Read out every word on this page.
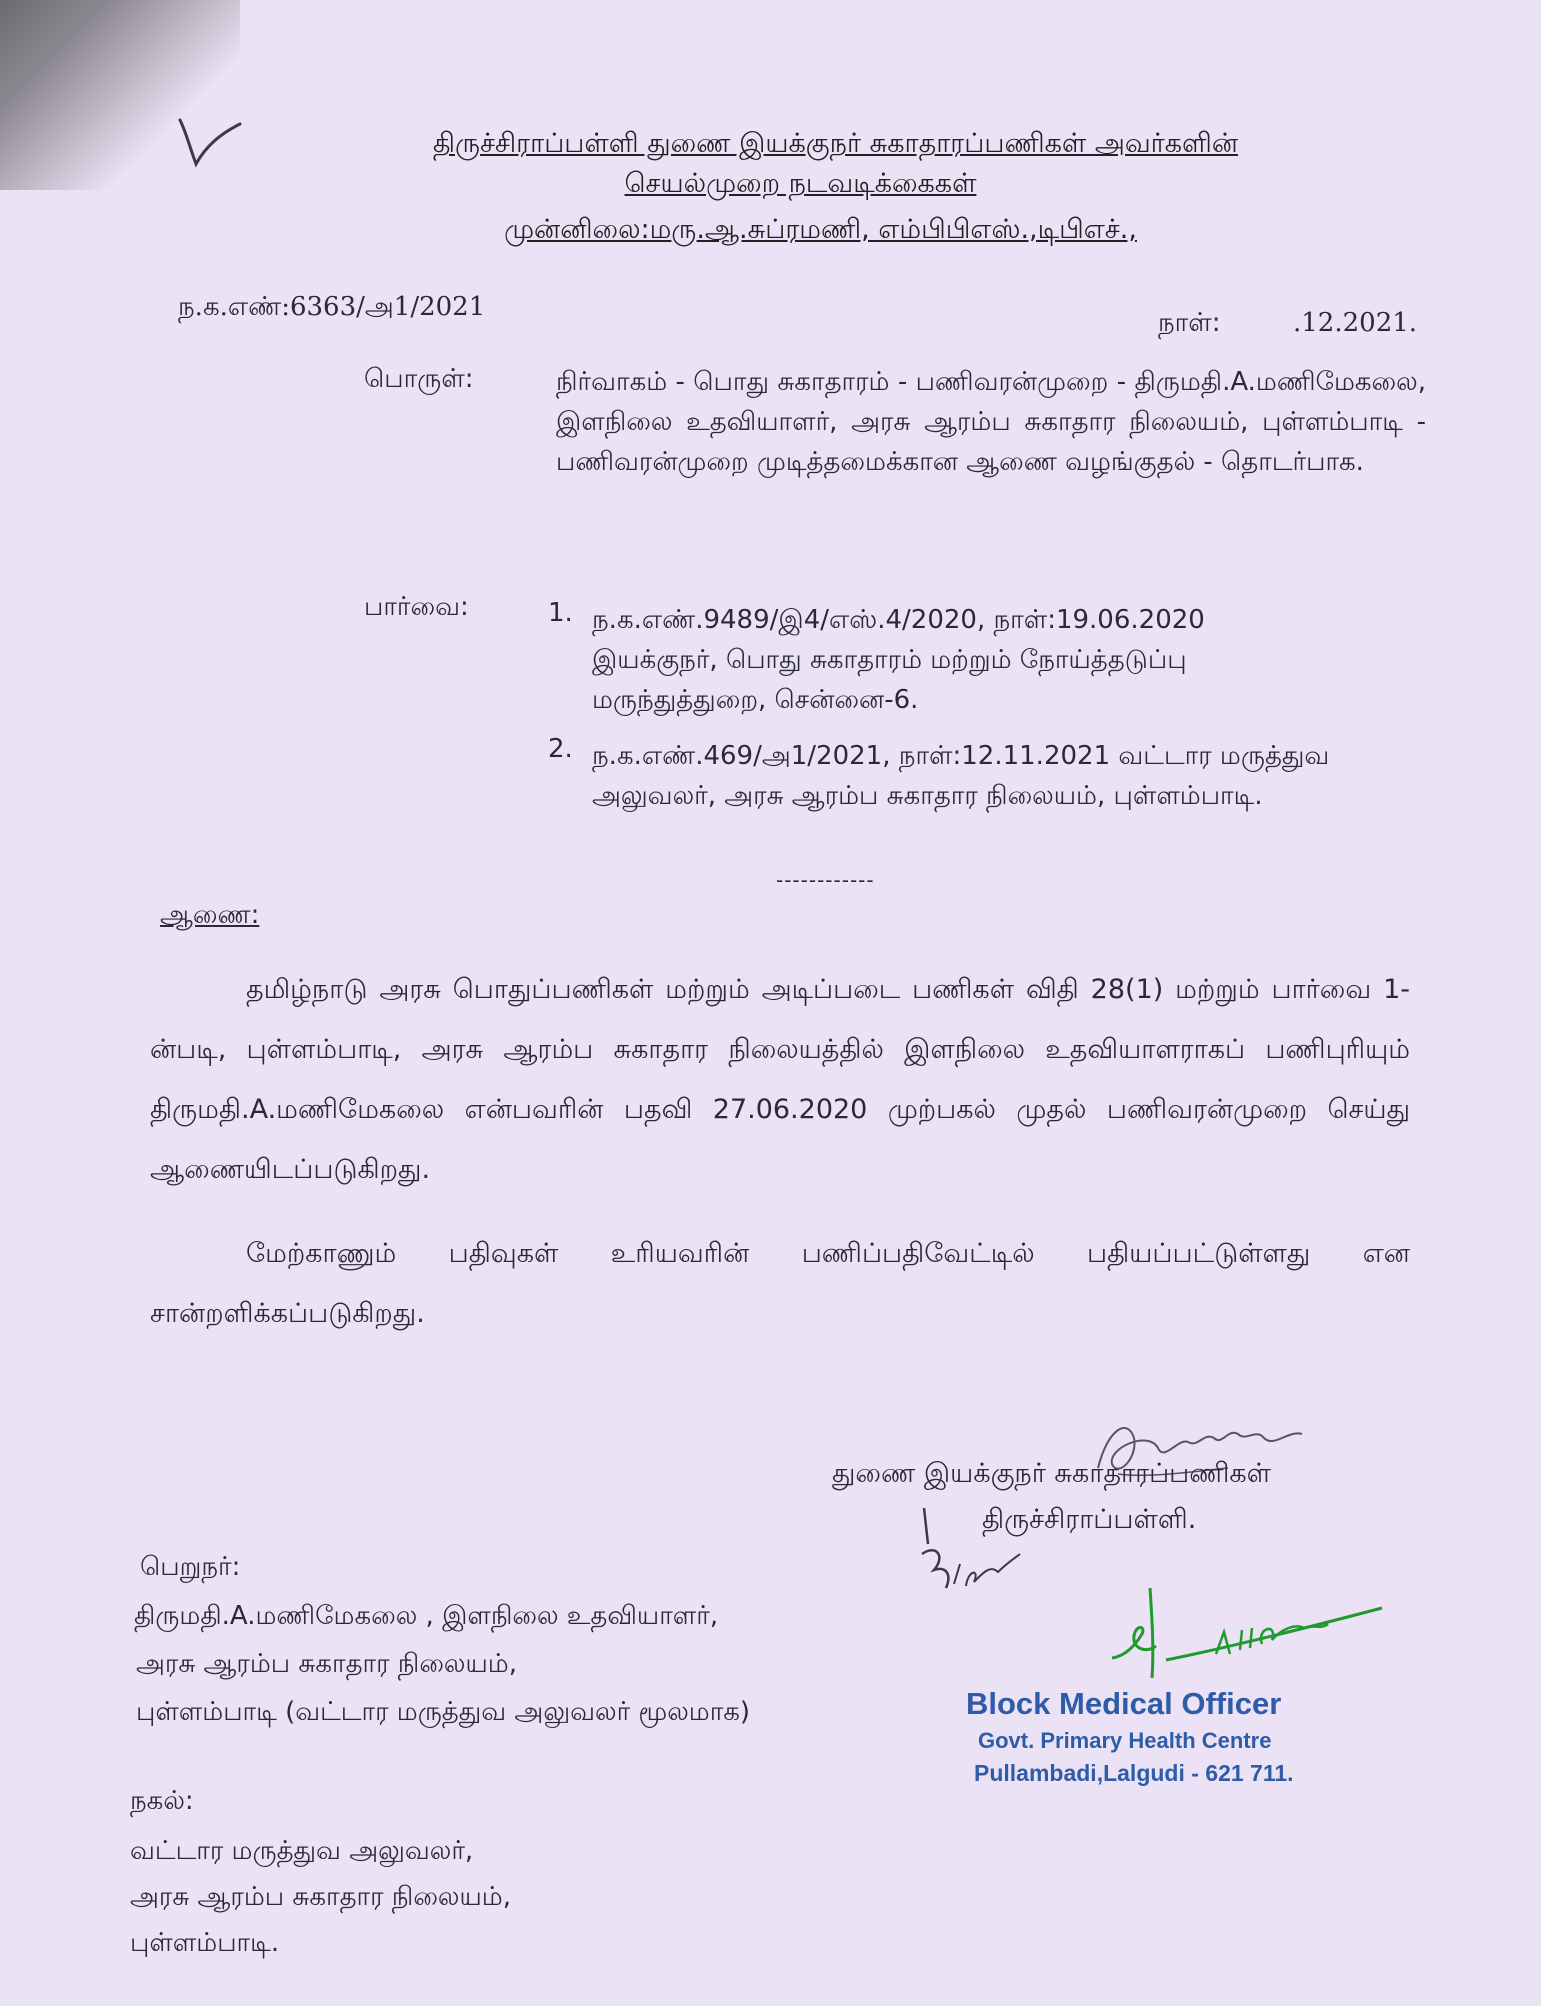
திருச்சிராப்பள்ளி துணை இயக்குநர் சுகாதாரப்பணிகள் அவர்களின்
செயல்முறை நடவடிக்கைகள்
முன்னிலை:மரு.ஆ.சுப்ரமணி, எம்பிபிஎஸ்.,டிபிஎச்.,
ந.க.எண்:6363/அ1/2021
நாள்:	.12.2021.
பொருள்:	நிர்வாகம் - பொது சுகாதாரம் - பணிவரன்முறை - திருமதி.A.மணிமேகலை, இளநிலை உதவியாளர், அரசு ஆரம்ப சுகாதார நிலையம், புள்ளம்பாடி - பணிவரன்முறை முடித்தமைக்கான ஆணை வழங்குதல் - தொடர்பாக.

பார்வை:	1. ந.க.எண்.9489/இ4/எஸ்.4/2020, நாள்:19.06.2020 இயக்குநர், பொது சுகாதாரம் மற்றும் நோய்த்தடுப்பு மருந்துத்துறை, சென்னை-6.
2. ந.க.எண்.469/அ1/2021, நாள்:12.11.2021 வட்டார மருத்துவ அலுவலர், அரசு ஆரம்ப சுகாதார நிலையம், புள்ளம்பாடி.
------------
ஆணை:
தமிழ்நாடு அரசு பொதுப்பணிகள் மற்றும் அடிப்படை பணிகள் விதி 28(1) மற்றும் பார்வை 1-ன்படி, புள்ளம்பாடி, அரசு ஆரம்ப சுகாதார நிலையத்தில் இளநிலை உதவியாளராகப் பணிபுரியும் திருமதி.A.மணிமேகலை என்பவரின் பதவி 27.06.2020 முற்பகல் முதல் பணிவரன்முறை செய்து ஆணையிடப்படுகிறது.
மேற்காணும் பதிவுகள் உரியவரின் பணிப்பதிவேட்டில் பதியப்பட்டுள்ளது என சான்றளிக்கப்படுகிறது.
துணை இயக்குநர் சுகாதாரப்பணிகள்
திருச்சிராப்பள்ளி.
Block Medical Officer
Govt. Primary Health Centre
Pullambadi,Lalgudi - 621 711.
பெறுநர்:
திருமதி.A.மணிமேகலை , இளநிலை உதவியாளர்,
அரசு ஆரம்ப சுகாதார நிலையம்,
புள்ளம்பாடி (வட்டார மருத்துவ அலுவலர் மூலமாக)
நகல்:
வட்டார மருத்துவ அலுவலர்,
அரசு ஆரம்ப சுகாதார நிலையம்,
புள்ளம்பாடி.
